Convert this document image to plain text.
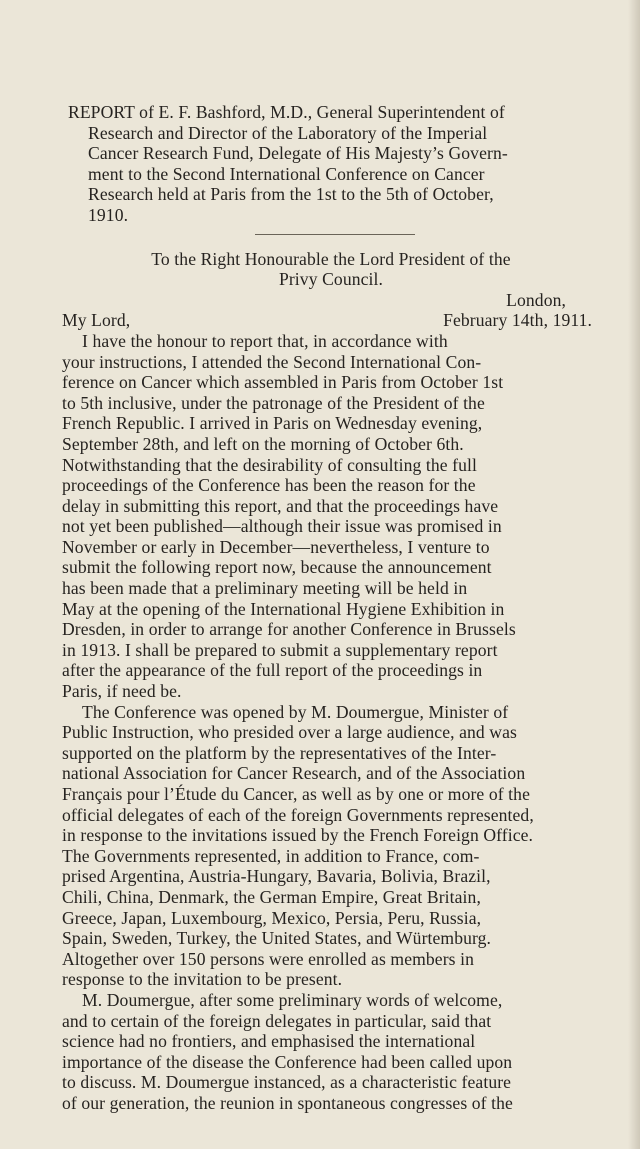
REPORT of E. F. Bashford, M.D., General Superintendent of
Research and Director of the Laboratory of the Imperial
Cancer Research Fund, Delegate of His Majesty’s Govern-
ment to the Second International Conference on Cancer
Research held at Paris from the 1st to the 5th of October,
1910.
To the Right Honourable the Lord President of the
Privy Council.
London,
My Lord,	February 14th, 1911.
I have the honour to report that, in accordance with
your instructions, I attended the Second International Con-
ference on Cancer which assembled in Paris from October 1st
to 5th inclusive, under the patronage of the President of the
French Republic. I arrived in Paris on Wednesday evening,
September 28th, and left on the morning of October 6th.
Notwithstanding that the desirability of consulting the full
proceedings of the Conference has been the reason for the
delay in submitting this report, and that the proceedings have
not yet been published—although their issue was promised in
November or early in December—nevertheless, I venture to
submit the following report now, because the announcement
has been made that a preliminary meeting will be held in
May at the opening of the International Hygiene Exhibition in
Dresden, in order to arrange for another Conference in Brussels
in 1913. I shall be prepared to submit a supplementary report
after the appearance of the full report of the proceedings in
Paris, if need be.
The Conference was opened by M. Doumergue, Minister of
Public Instruction, who presided over a large audience, and was
supported on the platform by the representatives of the Inter-
national Association for Cancer Research, and of the Association
Français pour l’Étude du Cancer, as well as by one or more of the
official delegates of each of the foreign Governments represented,
in response to the invitations issued by the French Foreign Office.
The Governments represented, in addition to France, com-
prised Argentina, Austria-Hungary, Bavaria, Bolivia, Brazil,
Chili, China, Denmark, the German Empire, Great Britain,
Greece, Japan, Luxembourg, Mexico, Persia, Peru, Russia,
Spain, Sweden, Turkey, the United States, and Würtemburg.
Altogether over 150 persons were enrolled as members in
response to the invitation to be present.
M. Doumergue, after some preliminary words of welcome,
and to certain of the foreign delegates in particular, said that
science had no frontiers, and emphasised the international
importance of the disease the Conference had been called upon
to discuss. M. Doumergue instanced, as a characteristic feature
of our generation, the reunion in spontaneous congresses of the
